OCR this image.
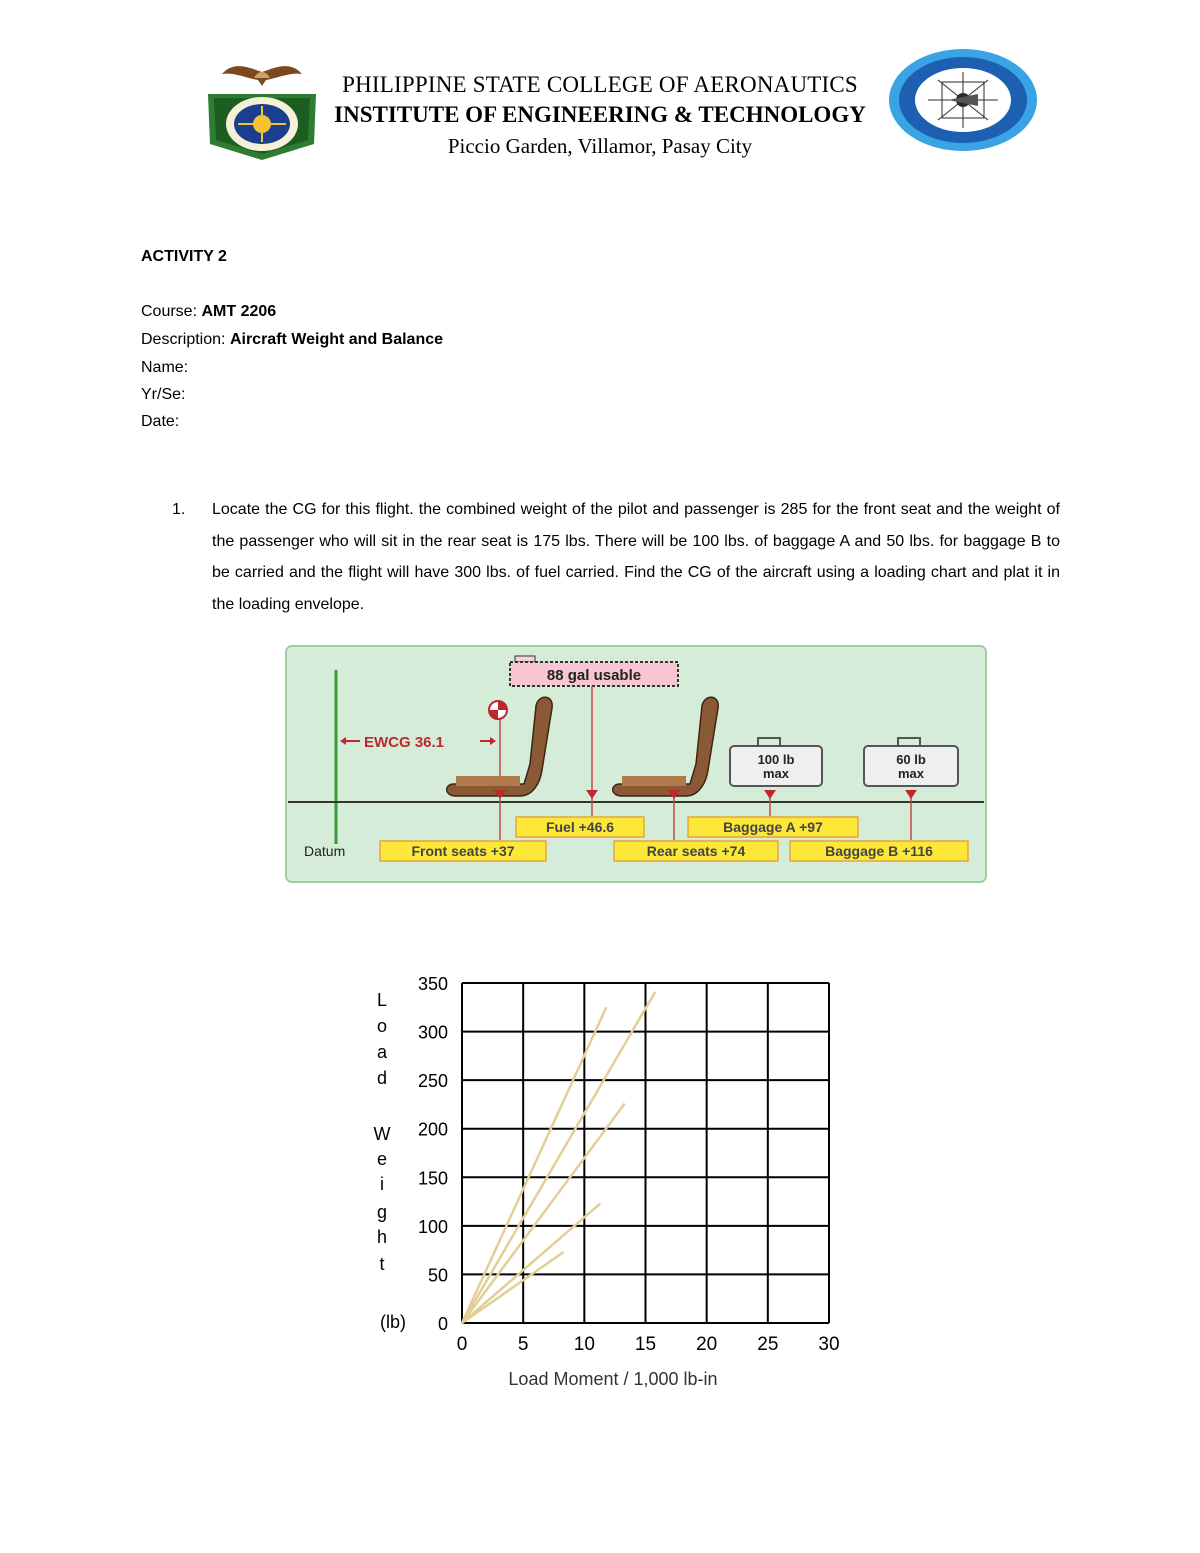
PHILIPPINE STATE COLLEGE OF AERONAUTICS
INSTITUTE OF ENGINEERING & TECHNOLOGY
Piccio Garden, Villamor, Pasay City
ACTIVITY 2
Course: AMT 2206
Description: Aircraft Weight and Balance
Name:
Yr/Se:
Date:
1. Locate the CG for this flight. the combined weight of the pilot and passenger is 285 for the front seat and the weight of the passenger who will sit in the rear seat is 175 lbs. There will be 100 lbs. of baggage A and 50 lbs. for baggage B to be carried and the flight will have 300 lbs. of fuel carried. Find the CG of the aircraft using a loading chart and plat it in the loading envelope.
88 gal usable
EWCG 36.1
100 lb
max
60 lb
max
Datum
Fuel +46.6	Baggage A +97
Front seats +37	Rear seats +74	Baggage B +116
0	5 10 15 20 25 30
0
50
100
150
200
250
300
350
L
o
a
d
W
e
i
g
h
t
(lb)
Load Moment / 1,000 lb-in
